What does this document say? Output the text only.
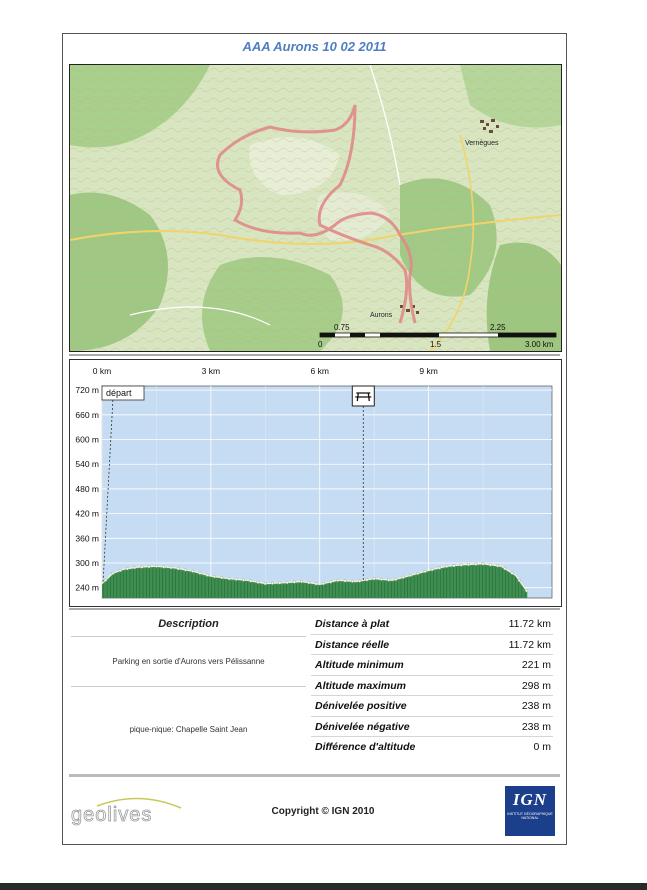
AAA Aurons 10 02 2011
Vernègues
Aurons
0.75	2.25
0	1.5	3.00 km
720 m
660 m
600 m
540 m
480 m
420 m
360 m
300 m
240 m
0 km	3 km	6 km	9 km
départ
Description
Parking en sortie d'Aurons vers Pélissanne
pique-nique: Chapelle Saint Jean
Distance à plat	11.72 km
Distance réelle	11.72 km
Altitude minimum	221 m
Altitude maximum	298 m
Dénivelée positive	238 m
Dénivelée négative	238 m
Différence d'altitude	0 m
geolives	Copyright © IGN 2010
IGN
INSTITUT GÉOGRAPHIQUE NATIONAL
